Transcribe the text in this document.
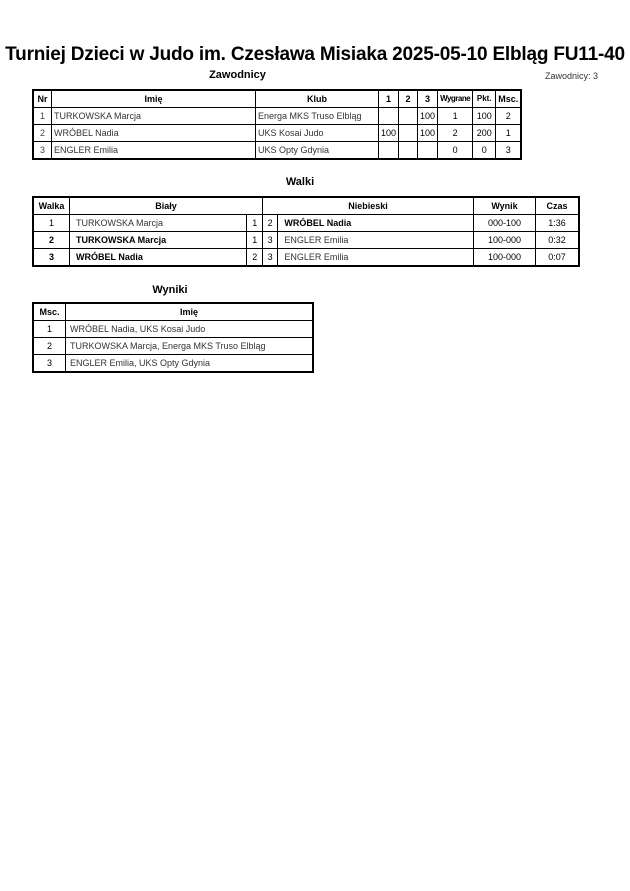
Turniej Dzieci w Judo im. Czesława Misiaka 2025-05-10 Elbląg FU11-40
Zawodnicy	Zawodnicy: 3
Nr	Imię	Klub	1	2	3	Wygrane	Pkt.	Msc.
1	TURKOWSKA Marcja	Energa MKS Truso Elbląg			100	1	100	2
2	WRÓBEL Nadia	UKS Kosai Judo	100		100	2	200	1
3	ENGLER Emilia	UKS Opty Gdynia				0	0	3
Walki
Walka	Biały		Niebieski		Wynik	Czas
1	TURKOWSKA Marcja	1	2	WRÓBEL Nadia	000-100	1:36
2	TURKOWSKA Marcja	1	3	ENGLER Emilia	100-000	0:32
3	WRÓBEL Nadia	2	3	ENGLER Emilia	100-000	0:07
Wyniki
Msc.	Imię
1	WRÓBEL Nadia, UKS Kosai Judo
2	TURKOWSKA Marcja, Energa MKS Truso Elbląg
3	ENGLER Emilia, UKS Opty Gdynia
